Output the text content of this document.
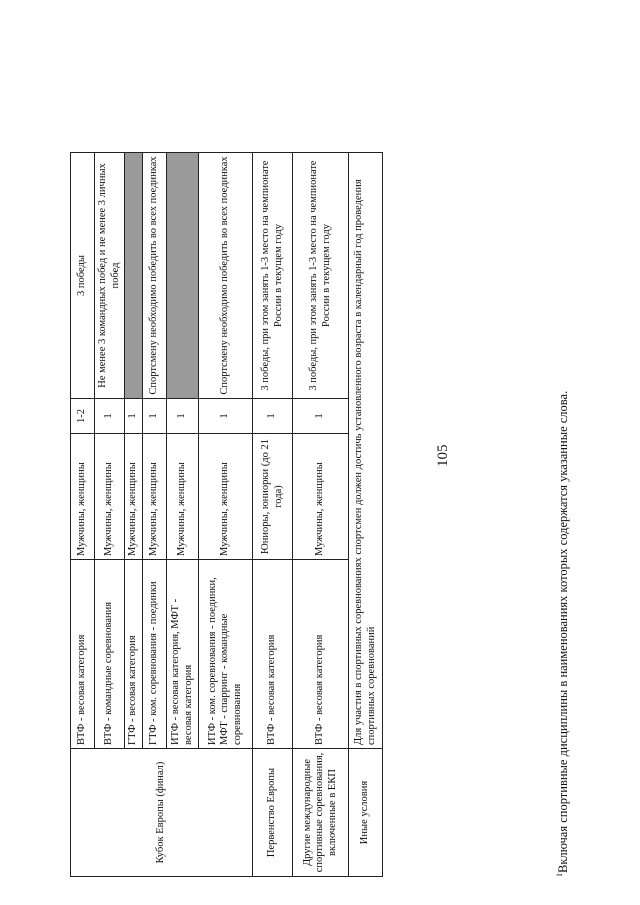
105
Кубок Европы (финал)	ВТФ - весовая категория	Мужчины, женщины	1-2	3 победы
	ВТФ - командные соревнования	Мужчины, женщины	1	Не менее 3 командных побед и не менее 3 личных побед
	ГТФ - весовая категория	Мужчины, женщины	1	
	ГТФ - ком. соревнования - поединки	Мужчины, женщины	1	Спортсмену необходимо победить во всех поединках
	ИТФ - весовая категория, МФТ - весовая категория	Мужчины, женщины	1	
	ИТФ - ком. соревнования - поединки, МФТ - спарринг - командные соревнования	Мужчины, женщины	1	Спортсмену необходимо победить во всех поединках
Первенство Европы	ВТФ - весовая категория	Юниоры, юниорки (до 21 года)	1	3 победы, при этом занять 1-3 место на чемпионате России в текущем году
Другие международные спортивные соревнования, включенные в ЕКП	ВТФ - весовая категория	Мужчины, женщины	1	3 победы, при этом занять 1-3 место на чемпионате России в текущем году
Иные условия	Для участия в спортивных соревнованиях спортсмен должен достичь установленного возраста в календарный год проведения спортивных соревнований			
$^1$Включая спортивные дисциплины в наименованиях которых содержатся указанные слова.
